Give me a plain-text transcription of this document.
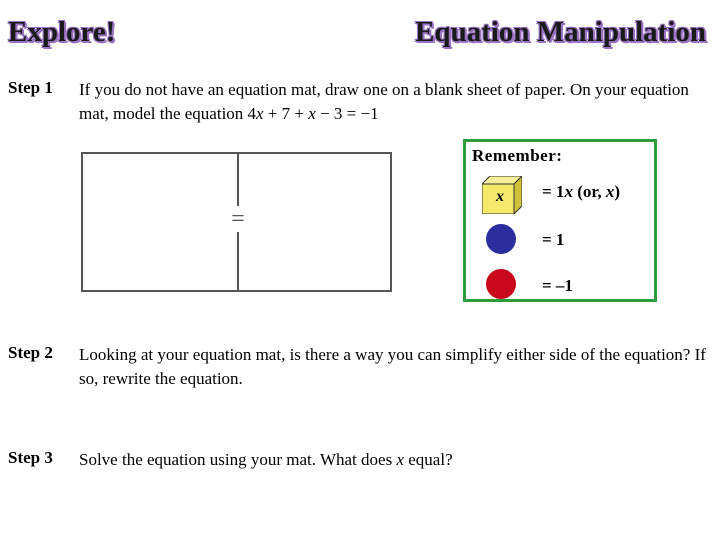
Explore!	Equation Manipulation
Step 1 If you do not have an equation mat, draw one on a blank sheet of paper. On your equation mat, model the equation 4x + 7 + x − 3 = −1
=
Remember:
x	= 1x (or, x)
= 1
= –1
Step 2 Looking at your equation mat, is there a way you can simplify either side of the equation? If so, rewrite the equation.
Step 3 Solve the equation using your mat. What does x equal?
